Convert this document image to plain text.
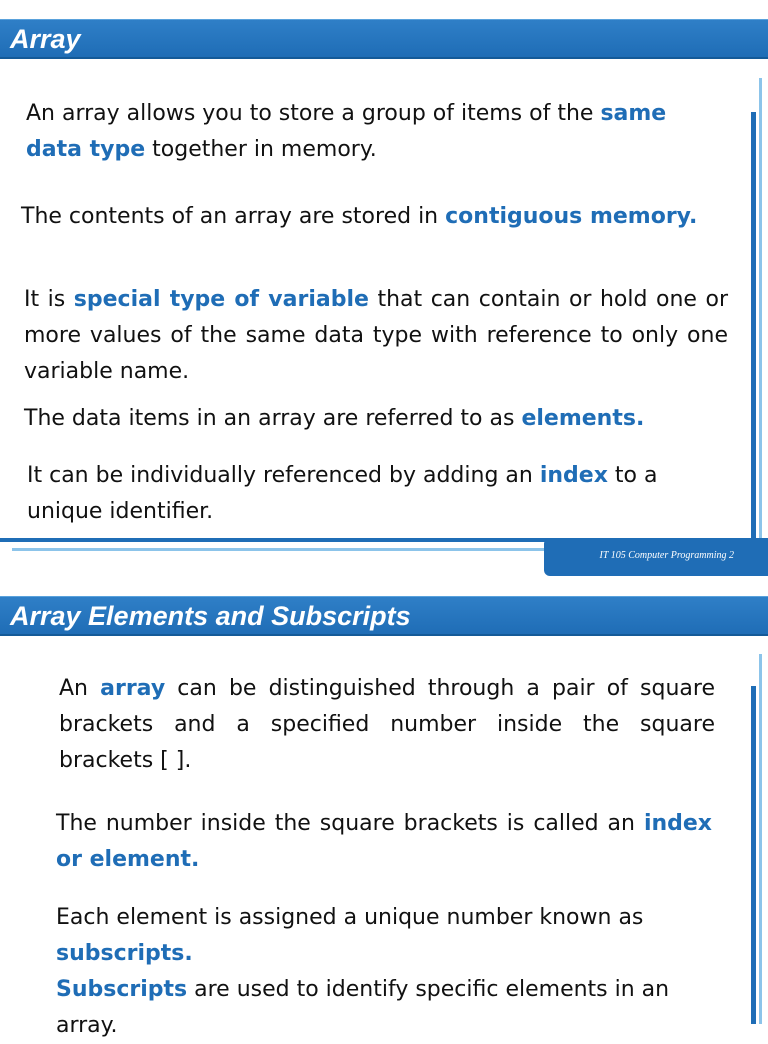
Array
An array allows you to store a group of items of the same data type together in memory.
The contents of an array are stored in contiguous memory.
It is special type of variable that can contain or hold one or more values of the same data type with reference to only one variable name.
The data items in an array are referred to as elements.
It can be individually referenced by adding an index to a unique identifier.
IT 105 Computer Programming 2
Array Elements and Subscripts
An array can be distinguished through a pair of square brackets and a specified number inside the square brackets [ ].
The number inside the square brackets is called an index or element.
Each element is assigned a unique number known as subscripts.
Subscripts are used to identify specific elements in an array.
